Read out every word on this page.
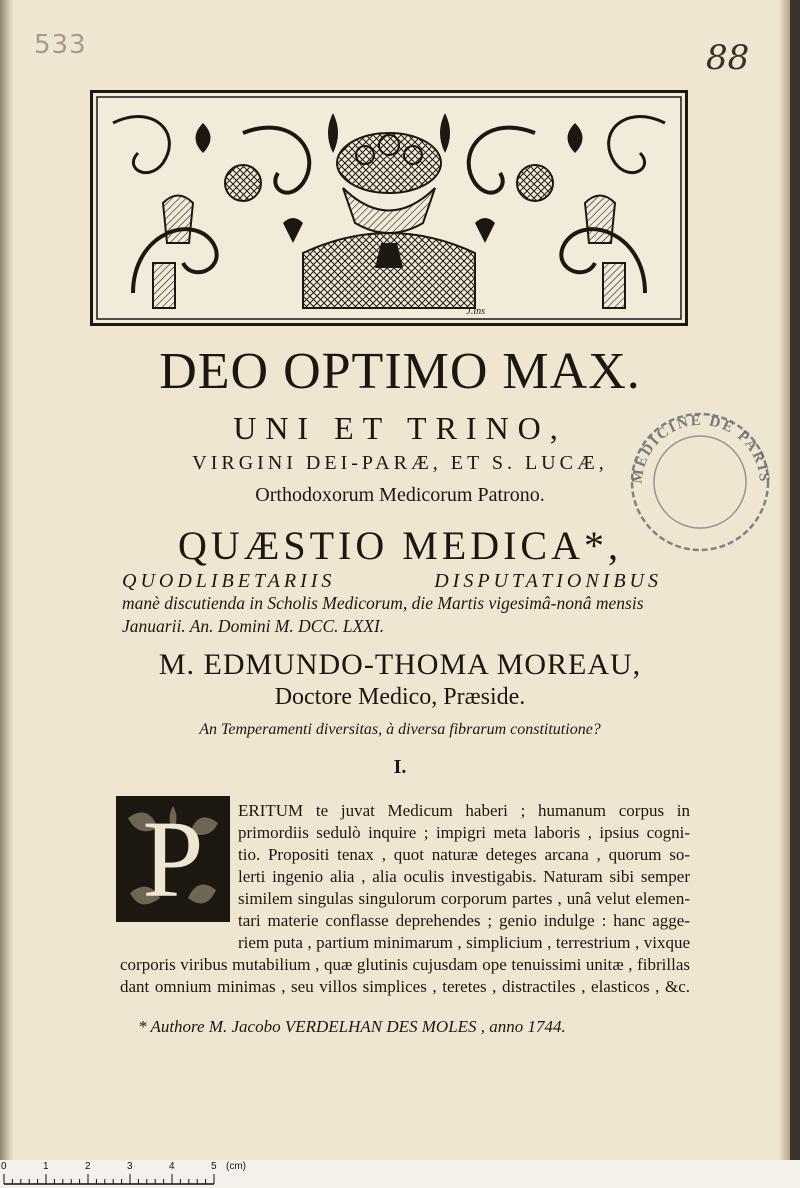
533	88
J.ins
DEO OPTIMO MAX.
UNI ET TRINO,
VIRGINI DEI-PARÆ, ET S. LUCÆ,
Orthodoxorum Medicorum Patrono.
QUÆSTIO MEDICA*,
QUODLIBETARIIS DISPUTATIONIBUS
manè discutienda in Scholis Medicorum, die Martis vigesimâ-nonâ mensis
Januarii. An. Domini M. DCC. LXXI.
M. EDMUNDO-THOMA MOREAU,
Doctore Medico, Præside.
An Temperamenti diversitas, à diversa fibrarum constitutione?
I.
P	ERITUM te juvat Medicum haberi ; humanum corpus in
primordiis sedulò inquire ; impigri meta laboris , ipsius cogni-
tio. Propositi tenax , quot naturæ deteges arcana , quorum so-
lerti ingenio alia , alia oculis investigabis. Naturam sibi semper
similem singulas singulorum corporum partes , unâ velut elemen-
tari materie conflasse deprehendes ; genio indulge : hanc agge-
riem puta , partium minimarum , simplicium , terrestrium , vixque
corporis viribus mutabilium , quæ glutinis cujusdam ope tenuissimi unitæ , fibrillas
dant omnium minimas , seu villos simplices , teretes , distractiles , elasticos , &c.
* Authore M. Jacobo VERDELHAN DES MOLES , anno 1744.
MEDICINE DE PARIS
0	1	2	3	4	5 (cm)
